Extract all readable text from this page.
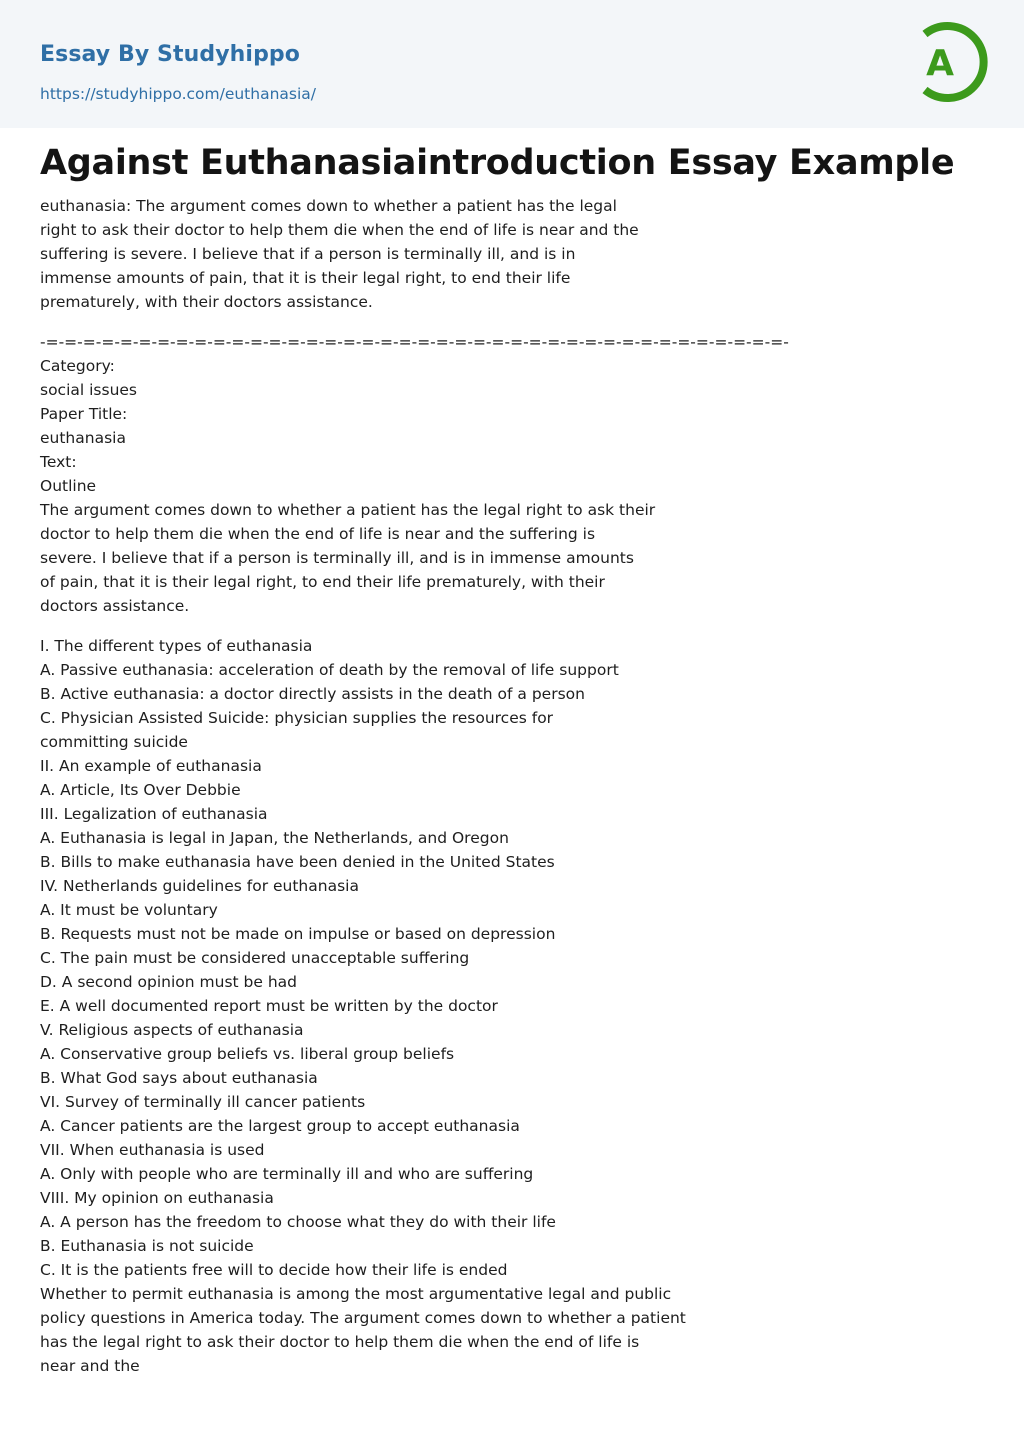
Essay By Studyhippo
https://studyhippo.com/euthanasia/
A
Against Euthanasiaintroduction Essay Example
euthanasia: The argument comes down to whether a patient has the legal
right to ask their doctor to help them die when the end of life is near and the
suffering is severe. I believe that if a person is terminally ill, and is in
immense amounts of pain, that it is their legal right, to end their life
prematurely, with their doctors assistance.
-=-=-=-=-=-=-=-=-=-=-=-=-=-=-=-=-=-=-=-=-=-=-=-=-=-=-=-=-=-=-=-=-=-=-=-=-=-=-=-=-
Category:
social issues
Paper Title:
euthanasia
Text:
Outline
The argument comes down to whether a patient has the legal right to ask their
doctor to help them die when the end of life is near and the suffering is
severe. I believe that if a person is terminally ill, and is in immense amounts
of pain, that it is their legal right, to end their life prematurely, with their
doctors assistance.
I. The different types of euthanasia
A. Passive euthanasia: acceleration of death by the removal of life support
B. Active euthanasia: a doctor directly assists in the death of a person
C. Physician Assisted Suicide: physician supplies the resources for
committing suicide
II. An example of euthanasia
A. Article, Its Over Debbie
III. Legalization of euthanasia
A. Euthanasia is legal in Japan, the Netherlands, and Oregon
B. Bills to make euthanasia have been denied in the United States
IV. Netherlands guidelines for euthanasia
A. It must be voluntary
B. Requests must not be made on impulse or based on depression
C. The pain must be considered unacceptable suffering
D. A second opinion must be had
E. A well documented report must be written by the doctor
V. Religious aspects of euthanasia
A. Conservative group beliefs vs. liberal group beliefs
B. What God says about euthanasia
VI. Survey of terminally ill cancer patients
A. Cancer patients are the largest group to accept euthanasia
VII. When euthanasia is used
A. Only with people who are terminally ill and who are suffering
VIII. My opinion on euthanasia
A. A person has the freedom to choose what they do with their life
B. Euthanasia is not suicide
C. It is the patients free will to decide how their life is ended
Whether to permit euthanasia is among the most argumentative legal and public
policy questions in America today. The argument comes down to whether a patient
has the legal right to ask their doctor to help them die when the end of life is
near and the
